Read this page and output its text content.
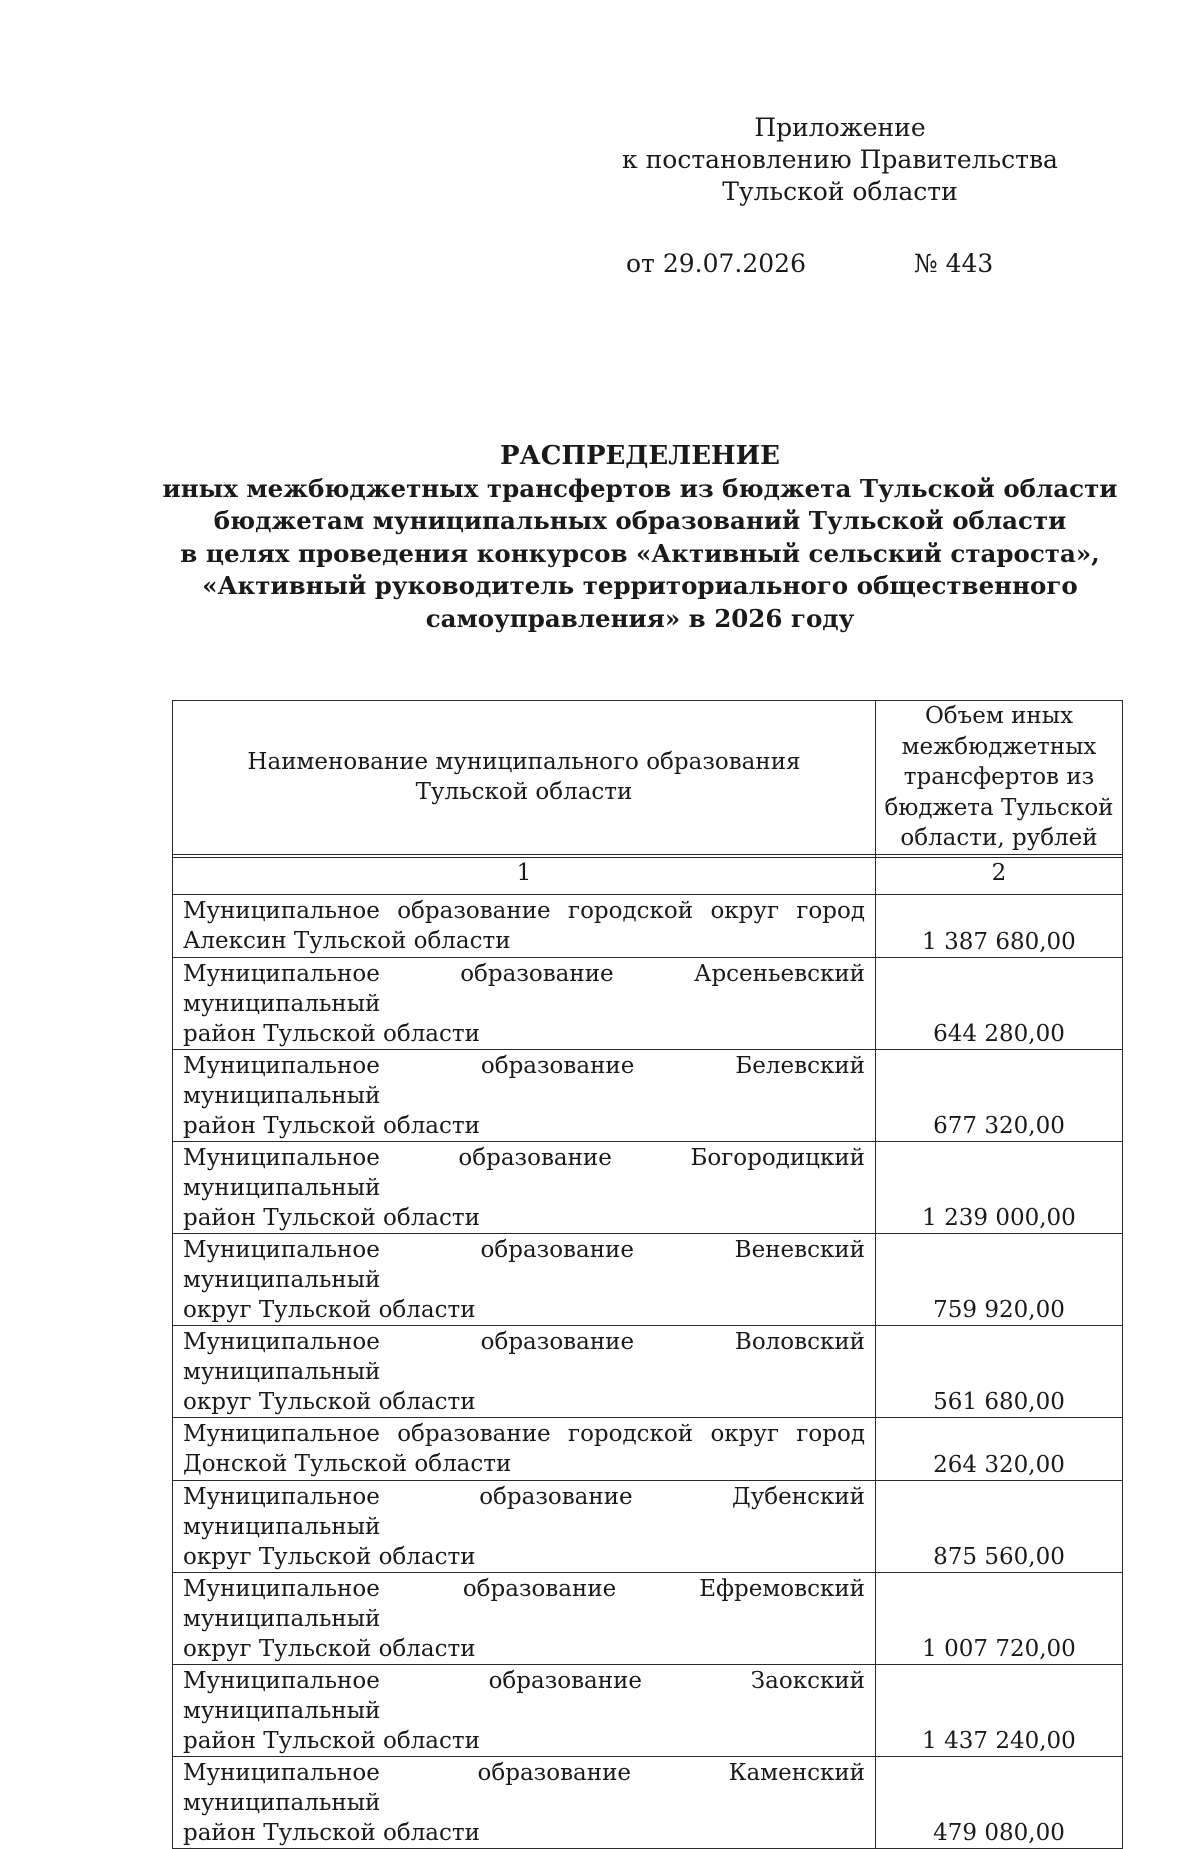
Приложение
к постановлению Правительства
Тульской области
от 29.07.2026	№ 443
РАСПРЕДЕЛЕНИЕ
иных межбюджетных трансфертов из бюджета Тульской области
бюджетам муниципальных образований Тульской области
в целях проведения конкурсов «Активный сельский староста»,
«Активный руководитель территориального общественного
самоуправления» в 2026 году
Наименование муниципального образования
Тульской области	Объем иных
межбюджетных
трансфертов из
бюджета Тульской
области, рублей

1	2

Муниципальное образование городской округ город
Алексин Тульской области	1 387 680,00

Муниципальное образование Арсеньевский муниципальный
район Тульской области	644 280,00

Муниципальное образование Белевский муниципальный
район Тульской области	677 320,00

Муниципальное образование Богородицкий муниципальный
район Тульской области	1 239 000,00

Муниципальное образование Веневский муниципальный
округ Тульской области	759 920,00

Муниципальное образование Воловский муниципальный
округ Тульской области	561 680,00

Муниципальное образование городской округ город
Донской Тульской области	264 320,00

Муниципальное образование Дубенский муниципальный
округ Тульской области	875 560,00

Муниципальное образование Ефремовский муниципальный
округ Тульской области	1 007 720,00

Муниципальное образование Заокский муниципальный
район Тульской области	1 437 240,00

Муниципальное образование Каменский муниципальный
район Тульской области	479 080,00
